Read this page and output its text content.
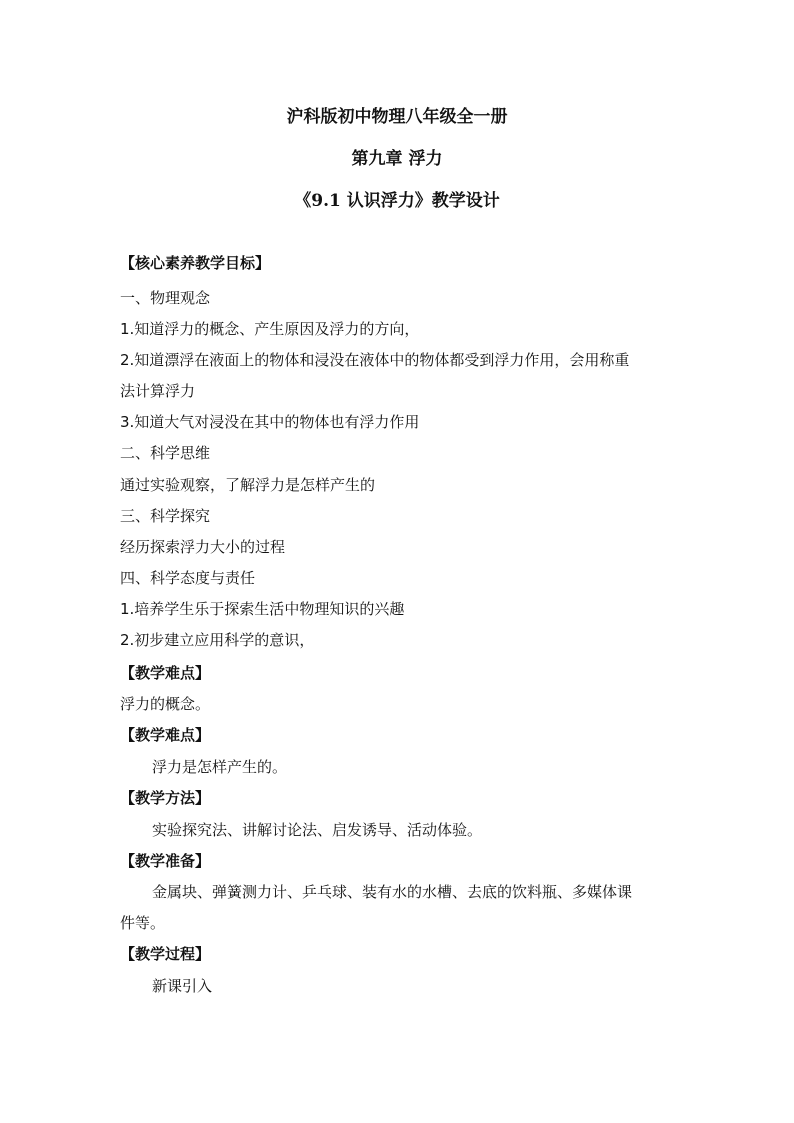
沪科版初中物理八年级全一册
第九章 浮力
《9.1 认识浮力》教学设计
【核心素养教学目标】
一、物理观念
1.知道浮力的概念、产生原因及浮力的方向，
2.知道漂浮在液面上的物体和浸没在液体中的物体都受到浮力作用，会用称重
法计算浮力
3.知道大气对浸没在其中的物体也有浮力作用
二、科学思维
通过实验观察，了解浮力是怎样产生的
三、科学探究
经历探索浮力大小的过程
四、科学态度与责任
1.培养学生乐于探索生活中物理知识的兴趣
2.初步建立应用科学的意识，
【教学难点】
浮力的概念。
【教学难点】
浮力是怎样产生的。
【教学方法】
实验探究法、讲解讨论法、启发诱导、活动体验。
【教学准备】
金属块、弹簧测力计、乒乓球、装有水的水槽、去底的饮料瓶、多媒体课
件等。
【教学过程】
新课引入
